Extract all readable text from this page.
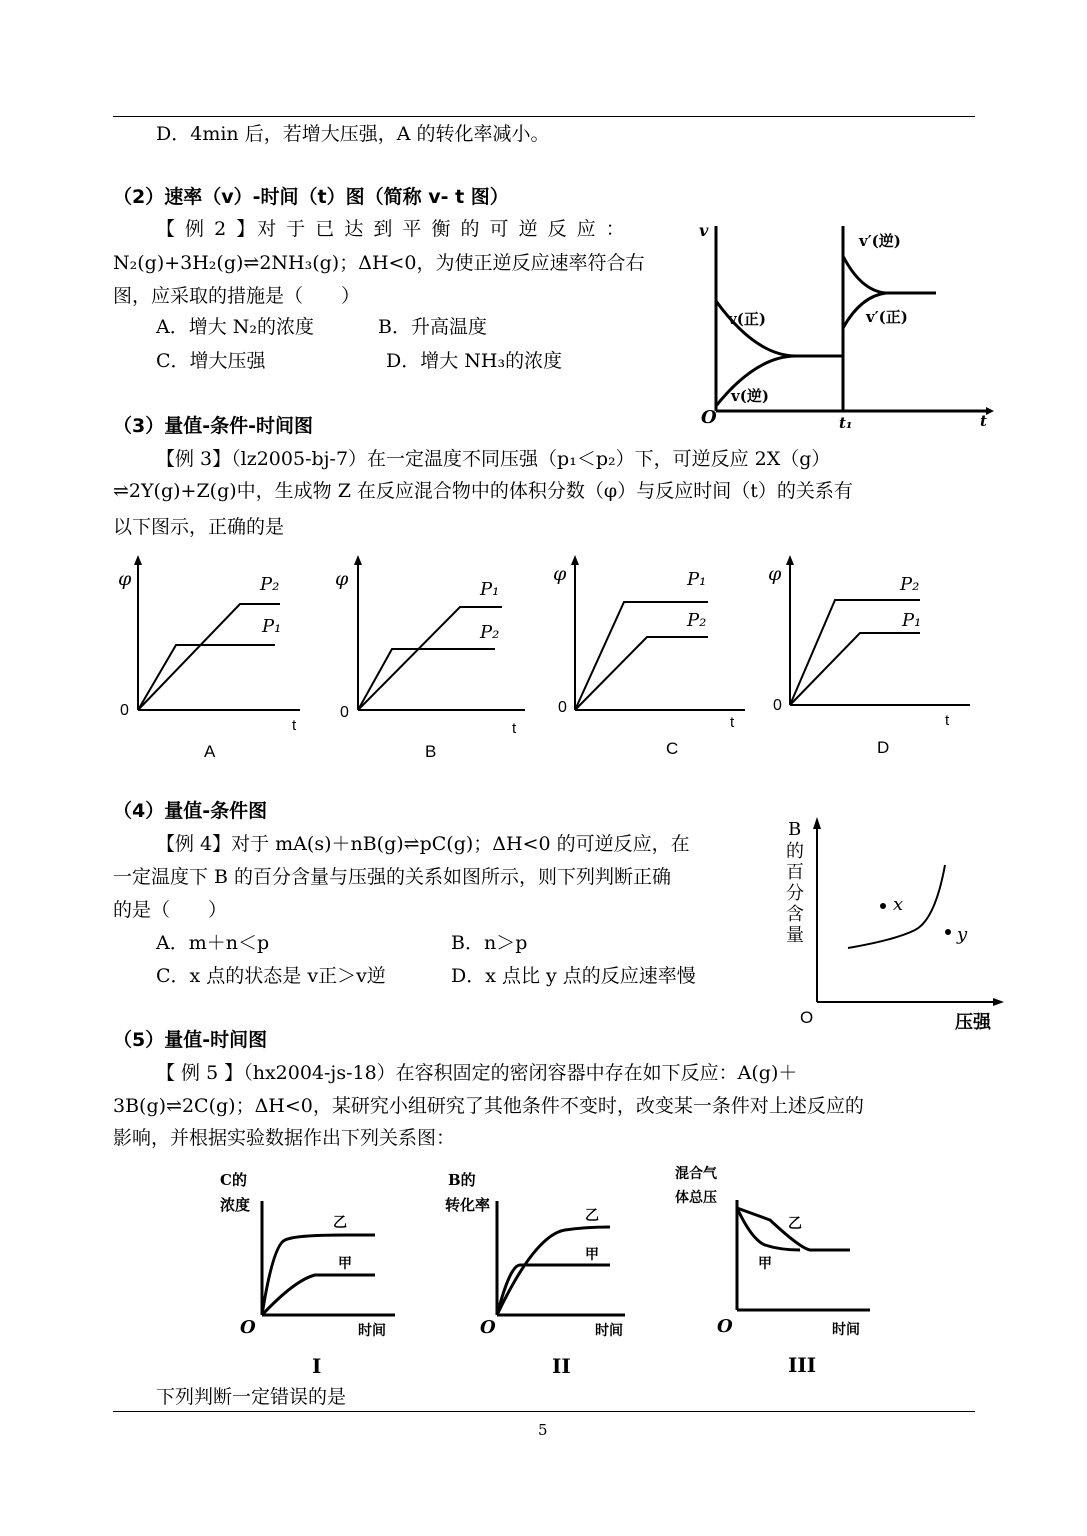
D．4min 后，若增大压强，A 的转化率减小。
（2）速率（v）-时间（t）图（简称 v- t 图）
【 例 2 】对 于 已 达 到 平 衡 的 可 逆 反 应 ：
N₂(g)+3H₂(g)⇌2NH₃(g)；ΔH<0，为使正逆反应速率符合右
图，应采取的措施是（　　）
A．增大 N₂的浓度	B．升高温度
C．增大压强	D．增大 NH₃的浓度
v
O	t₁	t
v(正)
v(逆)
v′(逆)
v′(正)
（3）量值-条件-时间图
【例 3】（lz2005-bj-7）在一定温度不同压强（p₁＜p₂）下，可逆反应 2X（g）
⇌2Y(g)+Z(g)中，生成物 Z 在反应混合物中的体积分数（φ）与反应时间（t）的关系有
以下图示，正确的是
φ
0
t
P₂
P₁
A
φ
0
t
P₁
P₂
B
φ
0
t
P₁
P₂
C
φ
0
t
P₂
P₁
D
（4）量值-条件图
【例 4】对于 mA(s)＋nB(g)⇌pC(g)；ΔH<0 的可逆反应，在
一定温度下 B 的百分含量与压强的关系如图所示，则下列判断正确
的是（　　）
A．m＋n＜p	B．n＞p
C．x 点的状态是 v正＞v逆	D．x 点比 y 点的反应速率慢
B
的
百
分
含
量
x
y
O	压强
（5）量值-时间图
【 例 5 】（hx2004-js-18）在容积固定的密闭容器中存在如下反应：A(g)＋
3B(g)⇌2C(g)；ΔH<0，某研究小组研究了其他条件不变时，改变某一条件对上述反应的
影响，并根据实验数据作出下列关系图：
C的
浓度
乙
甲
O	时间
I
B的
转化率
乙
甲
O	时间
II
混合气
体总压
乙
甲
O	时间
III
下列判断一定错误的是
5
